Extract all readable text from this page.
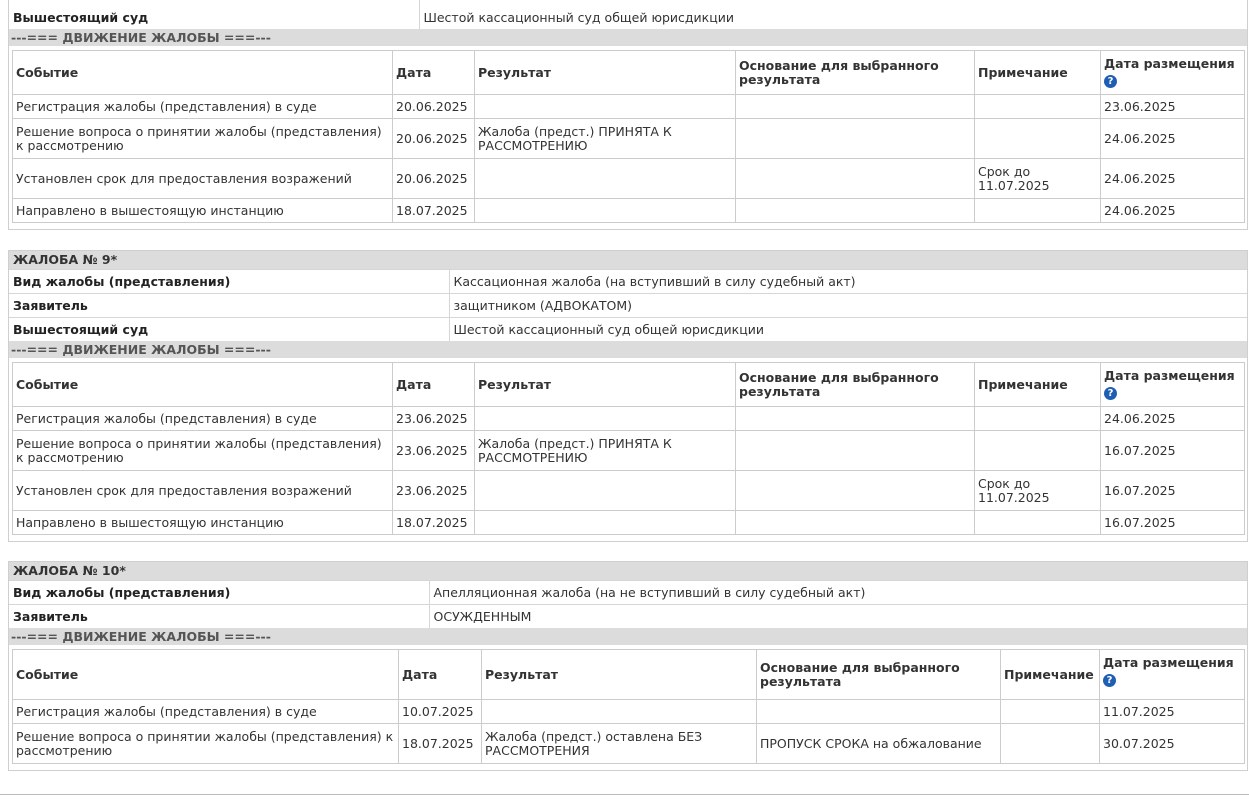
Вышестоящий суд	Шестой кассационный суд общей юрисдикции
---=== ДВИЖЕНИЕ ЖАЛОБЫ ===---
Событие	Дата	Результат	Основание для выбранного результата	Примечание	Дата размещения ?
Регистрация жалобы (представления) в суде	20.06.2025				23.06.2025
Решение вопроса о принятии жалобы (представления) к рассмотрению	20.06.2025	Жалоба (предст.) ПРИНЯТА К РАССМОТРЕНИЮ			24.06.2025
Установлен срок для предоставления возражений	20.06.2025			Срок до 11.07.2025	24.06.2025
Направлено в вышестоящую инстанцию	18.07.2025				24.06.2025
ЖАЛОБА № 9*
Вид жалобы (представления)	Кассационная жалоба (на вступивший в силу судебный акт)
Заявитель	защитником (АДВОКАТОМ)
Вышестоящий суд	Шестой кассационный суд общей юрисдикции
---=== ДВИЖЕНИЕ ЖАЛОБЫ ===---
Событие	Дата	Результат	Основание для выбранного результата	Примечание	Дата размещения ?
Регистрация жалобы (представления) в суде	23.06.2025				24.06.2025
Решение вопроса о принятии жалобы (представления) к рассмотрению	23.06.2025	Жалоба (предст.) ПРИНЯТА К РАССМОТРЕНИЮ			16.07.2025
Установлен срок для предоставления возражений	23.06.2025			Срок до 11.07.2025	16.07.2025
Направлено в вышестоящую инстанцию	18.07.2025				16.07.2025
ЖАЛОБА № 10*
Вид жалобы (представления)	Апелляционная жалоба (на не вступивший в силу судебный акт)
Заявитель	ОСУЖДЕННЫМ
---=== ДВИЖЕНИЕ ЖАЛОБЫ ===---
Событие	Дата	Результат	Основание для выбранного результата	Примечание	Дата размещения
?
Регистрация жалобы (представления) в суде	10.07.2025				11.07.2025
Решение вопроса о принятии жалобы (представления) к рассмотрению	18.07.2025	Жалоба (предст.) оставлена БЕЗ РАССМОТРЕНИЯ	ПРОПУСК СРОКА на обжалование		30.07.2025
